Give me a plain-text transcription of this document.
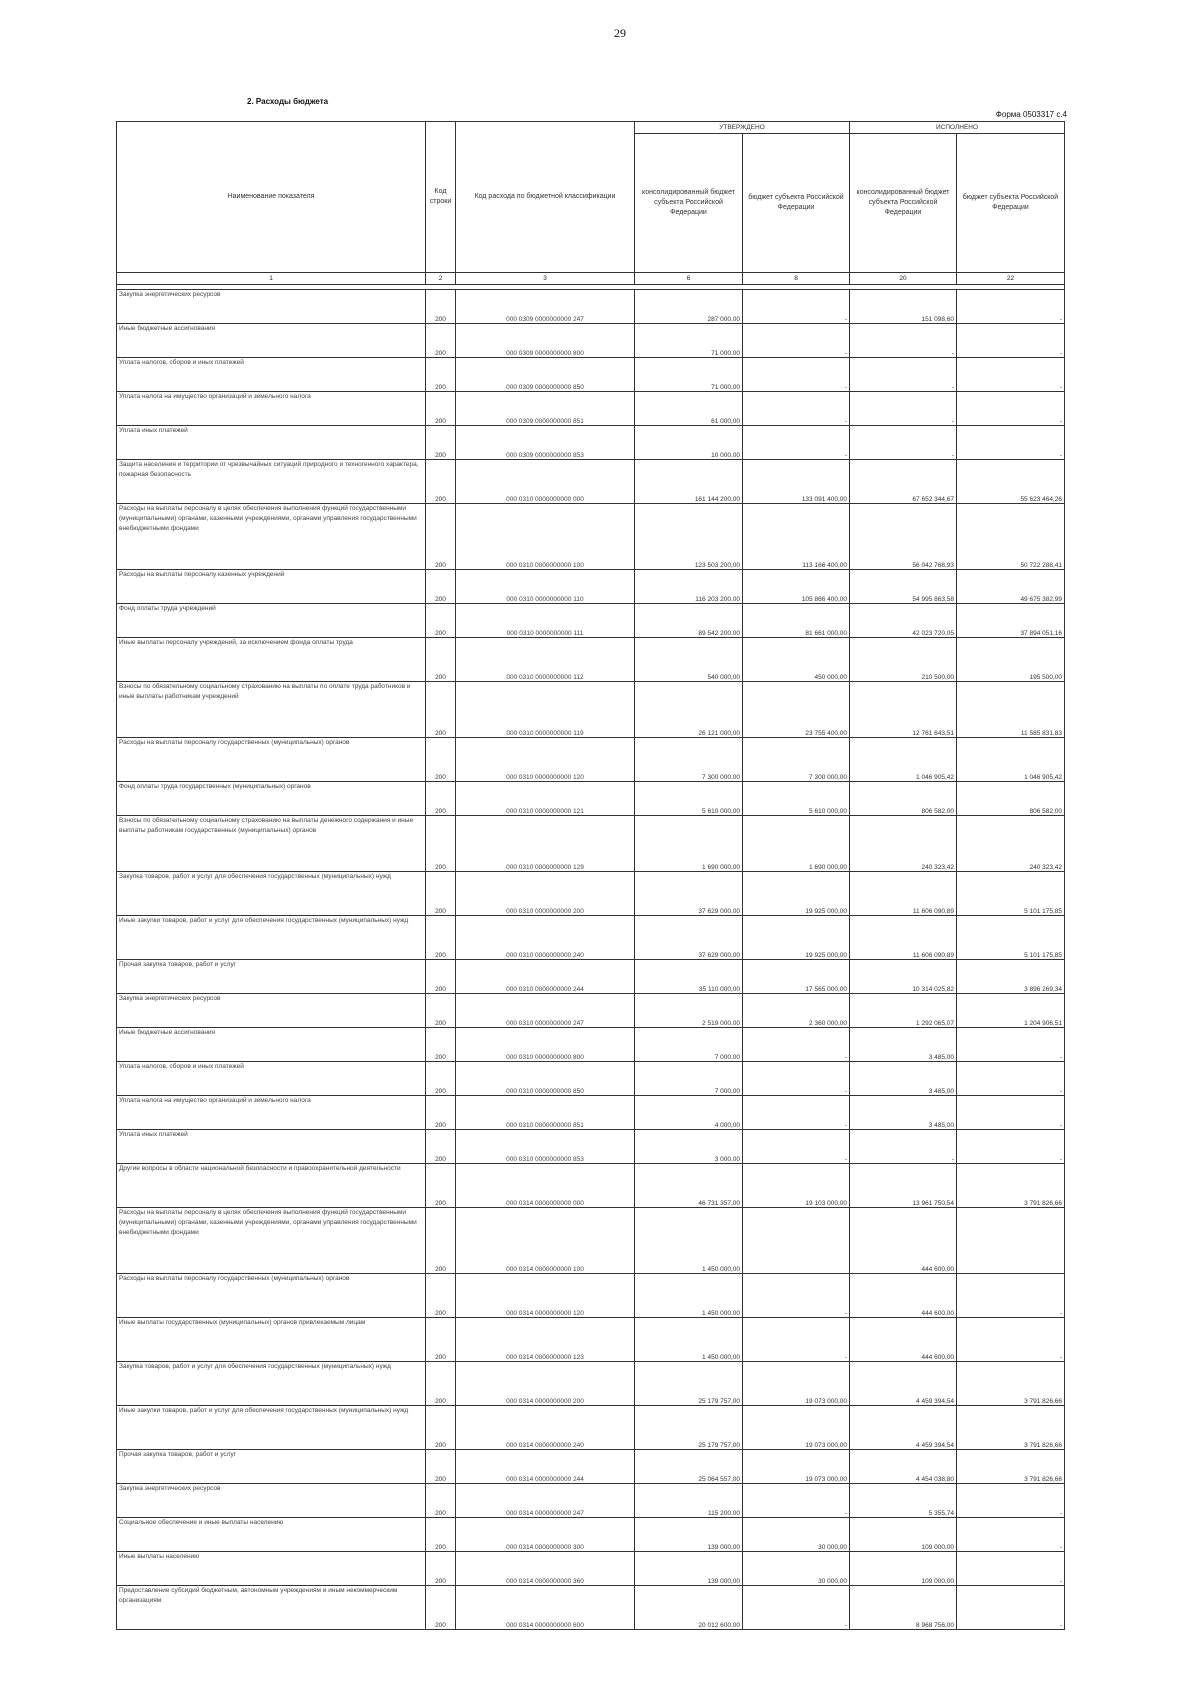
29
2. Расходы бюджета
Форма 0503317 с.4
Наименование показателя	Код строки	Код расхода по бюджетной классификации	УТВЕРЖДЕНО		ИСПОЛНЕНО	
			консолидированный бюджет субъекта Российской Федерации	бюджет субъекта Российской Федерации	консолидированный бюджет субъекта Российской Федерации	бюджет субъекта Российской Федерации
1	2	3	6	8	20	22

Закупка энергетических ресурсов	200	000 0309 0000000000 247	287 000,00	-	151 098,60	-
Иные бюджетные ассигнования	200	000 0309 0000000000 800	71 000,00	-	-	-
Уплата налогов, сборов и иных платежей	200	000 0309 0000000000 850	71 000,00	-	-	-
Уплата налога на имущество организаций и земельного налога	200	000 0309 0000000000 851	61 000,00	-	-	-
Уплата иных платежей	200	000 0309 0000000000 853	10 000,00	-	-	-
Защита населения и территории от чрезвычайных ситуаций природного и техногенного характера, пожарная безопасность	200	000 0310 0000000000 000	161 144 200,00	133 091 400,00	67 652 344,67	55 623 464,26
Расходы на выплаты персоналу в целях обеспечения выполнения функций государственными (муниципальными) органами, казенными учреждениями, органами управления государственными внебюджетными фондами	200	000 0310 0000000000 100	123 503 200,00	113 166 400,00	56 042 768,93	50 722 288,41
Расходы на выплаты персоналу казенных учреждений	200	000 0310 0000000000 110	116 203 200,00	105 866 400,00	54 995 863,58	49 675 382,99
Фонд оплаты труда учреждений	200	000 0310 0000000000 111	89 542 200,00	81 661 000,00	42 023 720,05	37 894 051,16
Иные выплаты персоналу учреждений, за исключением фонда оплаты труда	200	000 0310 0000000000 112	540 000,00	450 000,00	210 500,00	195 500,00
Взносы по обязательному социальному страхованию на выплаты по оплате труда работников и иные выплаты работникам учреждений	200	000 0310 0000000000 119	26 121 000,00	23 755 400,00	12 761 643,51	11 585 831,83
Расходы на выплаты персоналу государственных (муниципальных) органов	200	000 0310 0000000000 120	7 300 000,00	7 300 000,00	1 046 905,42	1 046 905,42
Фонд оплаты труда государственных (муниципальных) органов	200	000 0310 0000000000 121	5 610 000,00	5 610 000,00	806 582,00	806 582,00
Взносы по обязательному социальному страхованию на выплаты денежного содержания и иные выплаты работникам государственных (муниципальных) органов	200	000 0310 0000000000 129	1 690 000,00	1 690 000,00	240 323,42	240 323,42
Закупка товаров, работ и услуг для обеспечения государственных (муниципальных) нужд	200	000 0310 0000000000 200	37 629 000,00	19 925 000,00	11 606 090,89	5 101 175,85
Иные закупки товаров, работ и услуг для обеспечения государственных (муниципальных) нужд	200	000 0310 0000000000 240	37 629 000,00	19 925 000,00	11 606 090,89	5 101 175,85
Прочая закупка товаров, работ и услуг	200	000 0310 0000000000 244	35 110 000,00	17 565 000,00	10 314 025,82	3 896 269,34
Закупка энергетических ресурсов	200	000 0310 0000000000 247	2 519 000,00	2 360 000,00	1 292 065,07	1 204 906,51
Иные бюджетные ассигнования	200	000 0310 0000000000 800	7 000,00	-	3 485,00	-
Уплата налогов, сборов и иных платежей	200	000 0310 0000000000 850	7 000,00	-	3 485,00	-
Уплата налога на имущество организаций и земельного налога	200	000 0310 0000000000 851	4 000,00	-	3 485,00	-
Уплата иных платежей	200	000 0310 0000000000 853	3 000,00	-	-	-
Другие вопросы в области национальной безопасности и правоохранительной деятельности	200	000 0314 0000000000 000	46 731 357,00	19 103 000,00	13 961 750,54	3 791 826,66
Расходы на выплаты персоналу в целях обеспечения выполнения функций государственными (муниципальными) органами, казенными учреждениями, органами управления государственными внебюджетными фондами	200	000 0314 0000000000 100	1 450 000,00		444 600,00	
Расходы на выплаты персоналу государственных (муниципальных) органов	200	000 0314 0000000000 120	1 450 000,00	-	444 600,00	-
Иные выплаты государственных (муниципальных) органов привлекаемым лицам	200	000 0314 0000000000 123	1 450 000,00	-	444 600,00	-
Закупка товаров, работ и услуг для обеспечения государственных (муниципальных) нужд	200	000 0314 0000000000 200	25 179 757,00	19 073 000,00	4 459 394,54	3 791 826,66
Иные закупки товаров, работ и услуг для обеспечения государственных (муниципальных) нужд	200	000 0314 0000000000 240	25 179 757,00	19 073 000,00	4 459 394,54	3 791 826,66
Прочая закупка товаров, работ и услуг	200	000 0314 0000000000 244	25 064 557,00	19 073 000,00	4 454 038,80	3 791 826,66
Закупка энергетических ресурсов	200	000 0314 0000000000 247	115 200,00	-	5 355,74	-
Социальное обеспечение и иные выплаты населению	200	000 0314 0000000000 300	139 000,00	30 000,00	109 000,00	-
Иные выплаты населению	200	000 0314 0000000000 360	139 000,00	30 000,00	109 000,00	-
Предоставление субсидий бюджетным, автономным учреждениям и иным некоммерческим организациям	200	000 0314 0000000000 600	20 012 600,00	-	8 968 756,00	-
